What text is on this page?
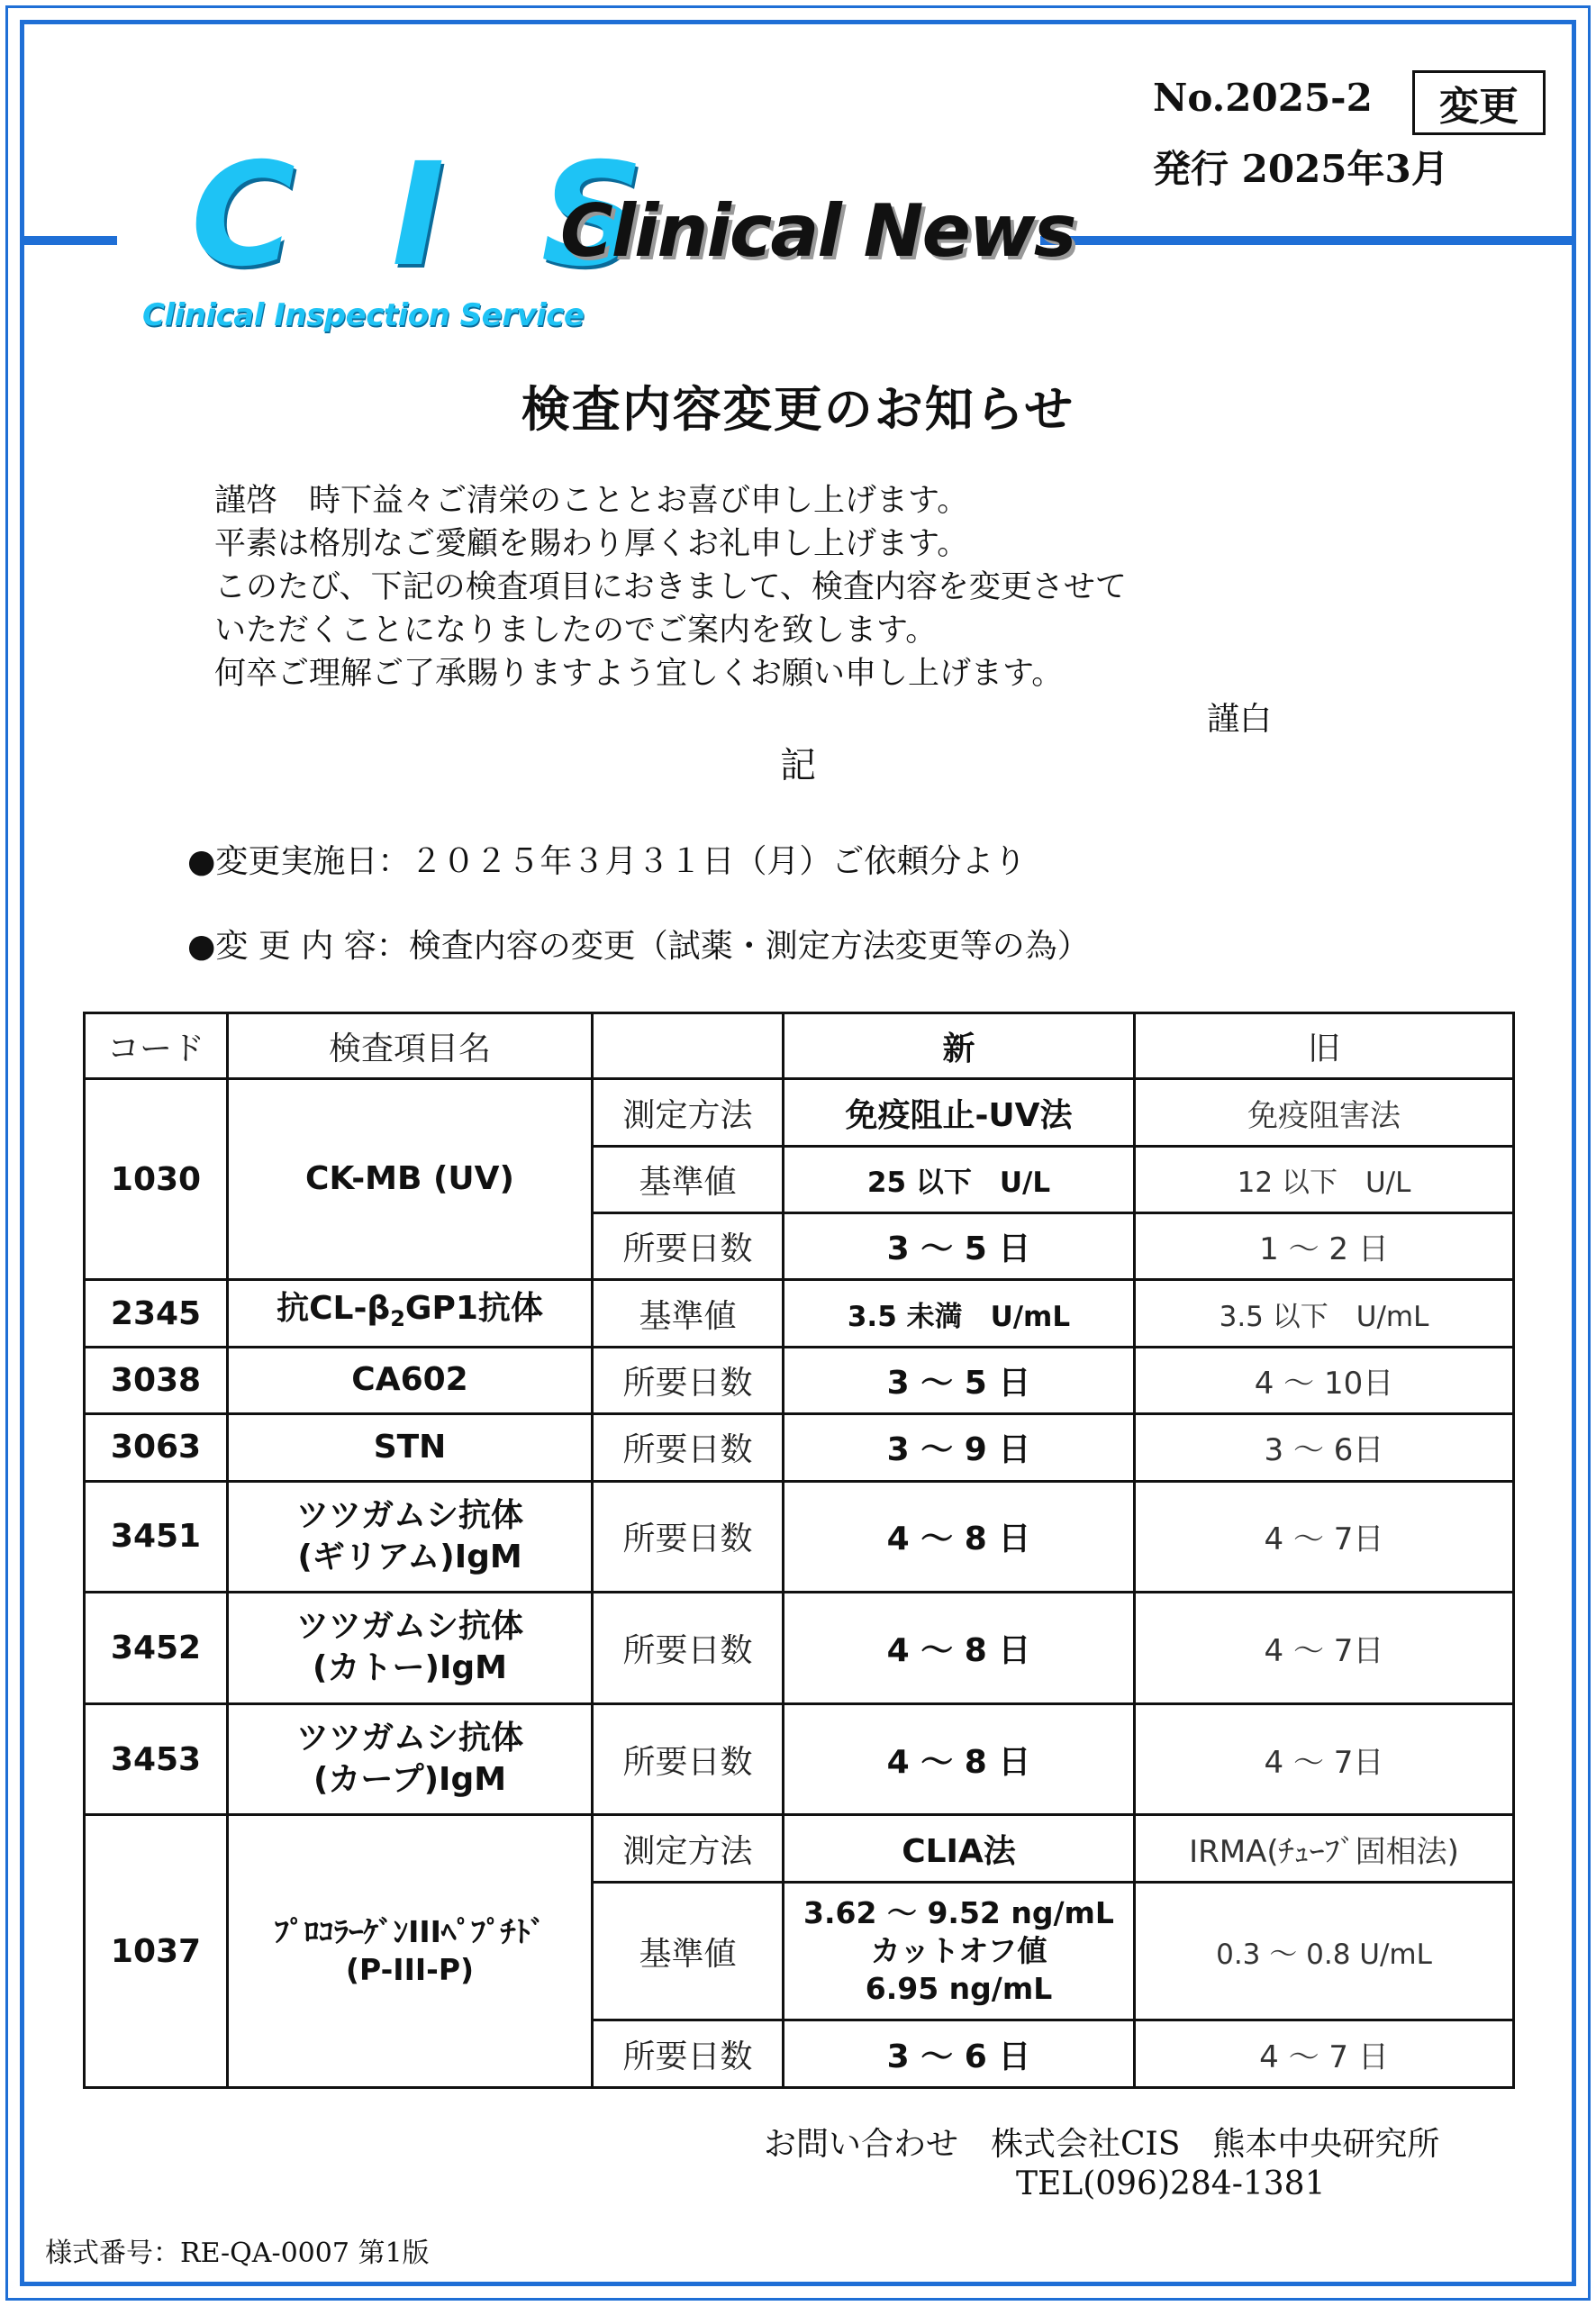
No.2025-2	変更
発行 2025年3月
C I S
Clinical Inspection Service
Clinical News
検査内容変更のお知らせ
謹啓　時下益々ご清栄のこととお喜び申し上げます。
平素は格別なご愛顧を賜わり厚くお礼申し上げます。
このたび、下記の検査項目におきまして、検査内容を変更させて
いただくことになりましたのでご案内を致します。
何卒ご理解ご了承賜りますよう宜しくお願い申し上げます。
謹白
記
●変更実施日：２０２５年３月３１日（月）ご依頼分より
●変 更 内 容：検査内容の変更（試薬・測定方法変更等の為）
コード	検査項目名		新	旧
1030	CK-MB (UV)	測定方法	免疫阻止-UV法	免疫阻害法
		基準値	25 以下　U/L	12 以下　U/L
		所要日数	3 ～ 5 日	1 ～ 2 日
2345	抗$CL-\beta_2GP1$抗体	基準値	3.5 未満　U/mL	3.5 以下　U/mL
3038	CA602	所要日数	3 ～ 5 日	4 ～ 10日
3063	STN	所要日数	3 ～ 9 日	3 ～ 6日
3451	ツツガムシ抗体
(ギリアム)IgM	所要日数	4 ～ 8 日	4 ～ 7日
3452	ツツガムシ抗体
(カトー)IgM	所要日数	4 ～ 8 日	4 ～ 7日
3453	ツツガムシ抗体
(カープ)IgM	所要日数	4 ～ 8 日	4 ～ 7日
1037	ﾌﾟﾛｺﾗｰｹﾞﾝIIIﾍﾟﾌﾟﾁﾄﾞ
(P-III-P)	測定方法	CLIA法	IRMA(ﾁｭｰﾌﾞ固相法)
		基準値	3.62 ～ 9.52 ng/mL
カットオフ値
6.95 ng/mL	0.3 ～ 0.8 U/mL
		所要日数	3 ～ 6 日	4 ～ 7 日
お問い合わせ　株式会社CIS　熊本中央研究所
TEL(096)284-1381
様式番号：RE-QA-0007 第1版
